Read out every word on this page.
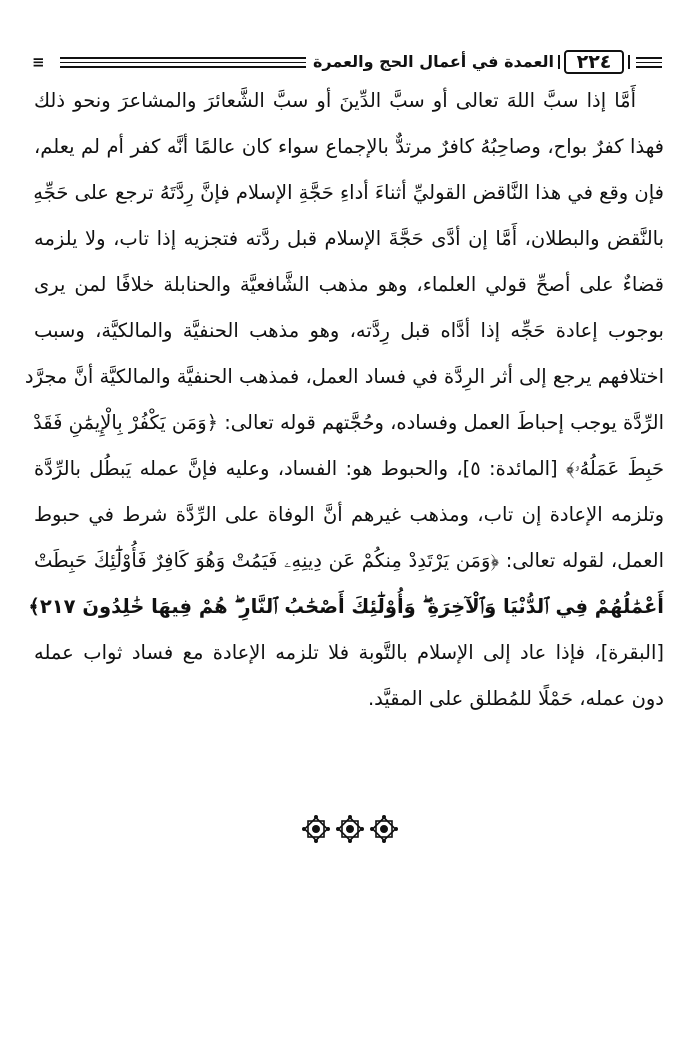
٢٢٤
العمدة في أعمال الحج والعمرة
≡
أَمَّا إذا سبَّ اللهَ تعالى أو سبَّ الدِّينَ أو سبَّ الشَّعائرَ والمشاعرَ ونحو ذلك
فهذا كفرٌ بواح، وصاحِبُهُ كافرٌ مرتدٌّ بالإجماع سواء كان عالمًا أنَّه كفر أم لم يعلم،
فإن وقع في هذا النَّاقض القوليِّ أثناءَ أداءِ حَجَّةِ الإسلام فإنَّ رِدَّتَهُ ترجع على حَجِّهِ
بالنَّقض والبطلان، أَمَّا إن أدَّى حَجَّةَ الإسلام قبل ردَّته فتجزيه إذا تاب، ولا يلزمه
قضاءٌ على أصحِّ قولي العلماء، وهو مذهب الشَّافعيَّة والحنابلة خلافًا لمن يرى
بوجوب إعادة حَجِّه إذا أدَّاه قبل رِدَّته، وهو مذهب الحنفيَّة والمالكيَّة، وسبب
اختلافهم يرجع إلى أثر الرِدَّة في فساد العمل، فمذهب الحنفيَّة والمالكيَّة أنَّ مجرَّد
الرِّدَّة يوجب إحباطَ العمل وفساده، وحُجَّتهم قوله تعالى: ﴿وَمَن يَكْفُرْ بِالْإِيمَٰنِ فَقَدْ
حَبِطَ عَمَلُهُۥ﴾ [المائدة: ٥]، والحبوط هو: الفساد، وعليه فإنَّ عمله يَبطُل بالرِّدَّة
وتلزمه الإعادة إن تاب، ومذهب غيرهم أنَّ الوفاة على الرِّدَّة شرط في حبوط
العمل، لقوله تعالى: ﴿وَمَن يَرْتَدِدْ مِنكُمْ عَن دِينِهِۦ فَيَمُتْ وَهُوَ كَافِرٌ فَأُوْلَٰٓئِكَ حَبِطَتْ
أَعْمَٰلُهُمْ فِي ٱلدُّنْيَا وَٱلْآخِرَةِ ۖ وَأُوْلَٰٓئِكَ أَصْحَٰبُ ٱلنَّارِ ۖ هُمْ فِيهَا خَٰلِدُونَ ٢١٧﴾
[البقرة]، فإذا عاد إلى الإسلام بالتَّوبة فلا تلزمه الإعادة مع فساد ثواب عمله
دون عمله، حَمْلًا للمُطلق على المقيَّد.
